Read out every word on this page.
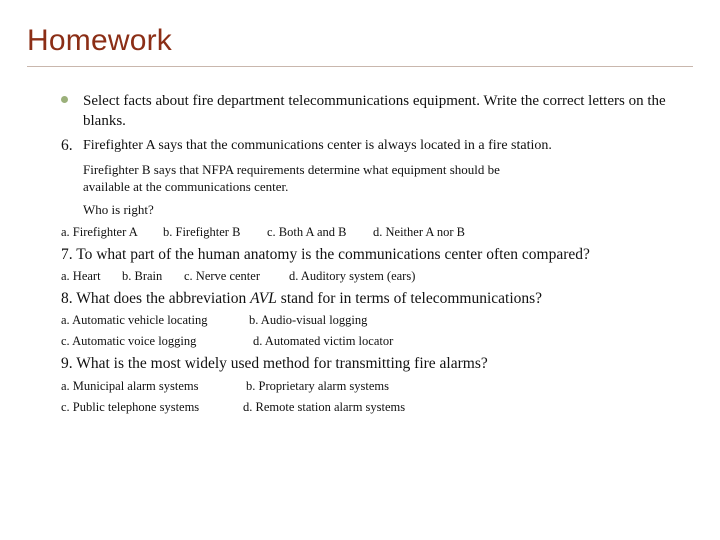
Homework
Select facts about fire department telecommunications equipment. Write the correct letters on the blanks.
6. Firefighter A says that the communications center is always located in a fire station.
Firefighter B says that NFPA requirements determine what equipment should be
available at the communications center.
Who is right?
a. Firefighter A b. Firefighter B c. Both A and B d. Neither A nor B
7. To what part of the human anatomy is the communications center often compared?
a. Heart b. Brain c. Nerve center d. Auditory system (ears)
8. What does the abbreviation AVL stand for in terms of telecommunications?
a. Automatic vehicle locating	b. Audio-visual logging
c. Automatic voice logging	d. Automated victim locator
9. What is the most widely used method for transmitting fire alarms?
a. Municipal alarm systems	b. Proprietary alarm systems
c. Public telephone systems	d. Remote station alarm systems
